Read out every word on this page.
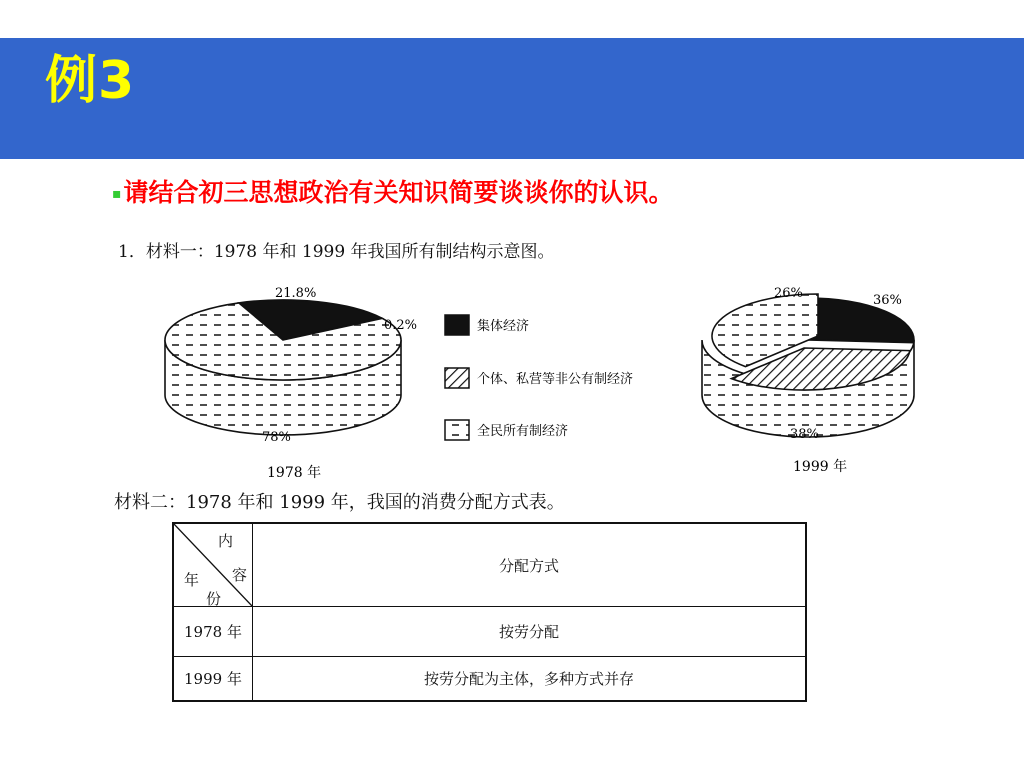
例3
▪请结合初三思想政治有关知识简要谈谈你的认识。
1．材料一：1978 年和 1999 年我国所有制结构示意图。
集体经济
个体、私营等非公有制经济
全民所有制经济
21.8%
0.2%
78%
1978 年
26%	36%
38%
1999 年
材料二：1978 年和 1999 年，我国的消费分配方式表。
内
容
年
份	分配方式
1978 年	按劳分配
1999 年	按劳分配为主体，多种方式并存
